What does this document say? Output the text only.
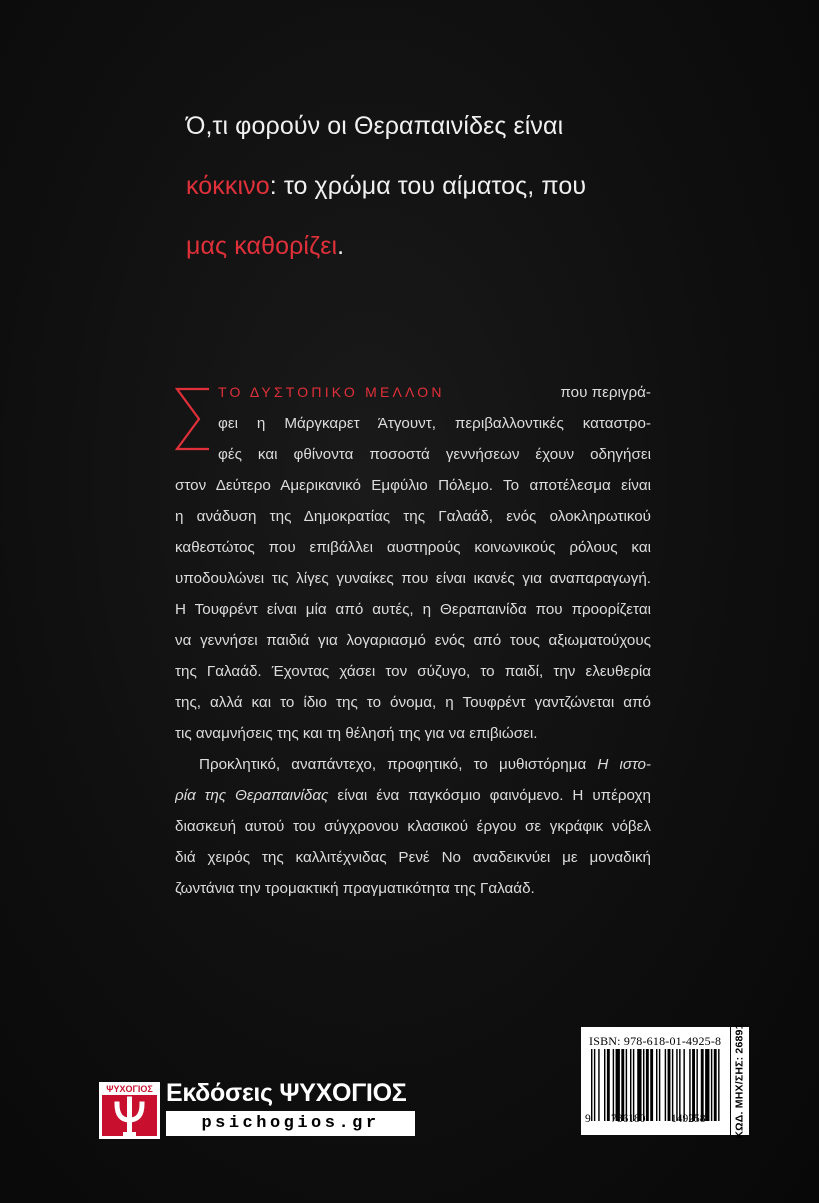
Ό,τι φορούν οι Θεραπαινίδες είναι
κόκκινο: το χρώμα του αίματος, που
μας καθορίζει.
ΤΟ ΔΥΣΤΟΠΙΚΟ ΜΕΛΛΟΝ	που περιγρά-
φει η Μάργκαρετ Άτγουντ, περιβαλλοντικές καταστρο-
φές και φθίνοντα ποσοστά γεννήσεων έχουν οδηγήσει
στον Δεύτερο Αμερικανικό Εμφύλιο Πόλεμο. Το αποτέλεσμα είναι
η ανάδυση της Δημοκρατίας της Γαλαάδ, ενός ολοκληρωτικού
καθεστώτος που επιβάλλει αυστηρούς κοινωνικούς ρόλους και
υποδουλώνει τις λίγες γυναίκες που είναι ικανές για αναπαραγωγή.
Η Τουφρέντ είναι μία από αυτές, η Θεραπαινίδα που προορίζεται
να γεννήσει παιδιά για λογαριασμό ενός από τους αξιωματούχους
της Γαλαάδ. Έχοντας χάσει τον σύζυγο, το παιδί, την ελευθερία
της, αλλά και το ίδιο της το όνομα, η Τουφρέντ γαντζώνεται από
τις αναμνήσεις της και τη θέλησή της για να επιβιώσει.
Προκλητικό, αναπάντεχο, προφητικό, το μυθιστόρημα Η ιστο-
ρία της Θεραπαινίδας είναι ένα παγκόσμιο φαινόμενο. Η υπέροχη
διασκευή αυτού του σύγχρονου κλασικού έργου σε γκράφικ νόβελ
διά χειρός της καλλιτέχνιδας Ρενέ Νο αναδεικνύει με μοναδική
ζωντάνια την τρομακτική πραγματικότητα της Γαλαάδ.
ISBN: 978-618-01-4925-8
9 786180 149258	ΚΩΔ. ΜΗΧ/ΣΗΣ: 26891
ΨΥΧΟΓΙΟΣ Εκδόσεις ΨΥΧΟΓΙΟΣ
psichogios.gr
